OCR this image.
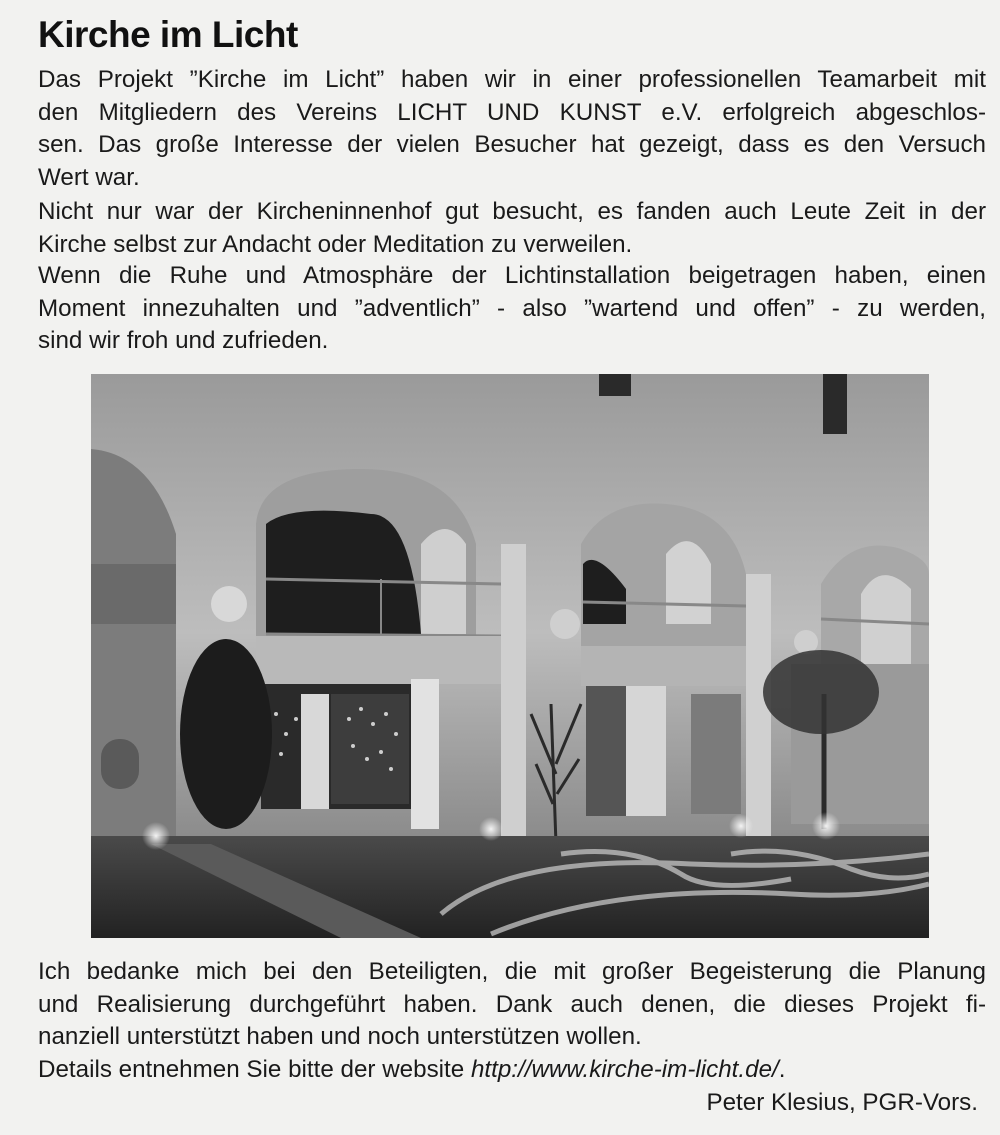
Kirche im Licht
Das Projekt ”Kirche im Licht” haben wir in einer professionellen Teamarbeit mit
den Mitgliedern des Vereins LICHT UND KUNST e.V. erfolgreich abgeschlos-
sen. Das große Interesse der vielen Besucher hat gezeigt, dass es den Versuch
Wert war.
Nicht nur war der Kircheninnenhof gut besucht, es fanden auch Leute Zeit in der
Kirche selbst zur Andacht oder Meditation zu verweilen.
Wenn die Ruhe und Atmosphäre der Lichtinstallation beigetragen haben, einen
Moment innezuhalten und ”adventlich” - also ”wartend und offen” - zu werden,
sind wir froh und zufrieden.
Ich bedanke mich bei den Beteiligten, die mit großer Begeisterung die Planung
und Realisierung durchgeführt haben. Dank auch denen, die dieses Projekt fi-
nanziell unterstützt haben und noch unterstützen wollen.
Details entnehmen Sie bitte der website http://www.kirche-im-licht.de/.
Peter Klesius, PGR-Vors.
